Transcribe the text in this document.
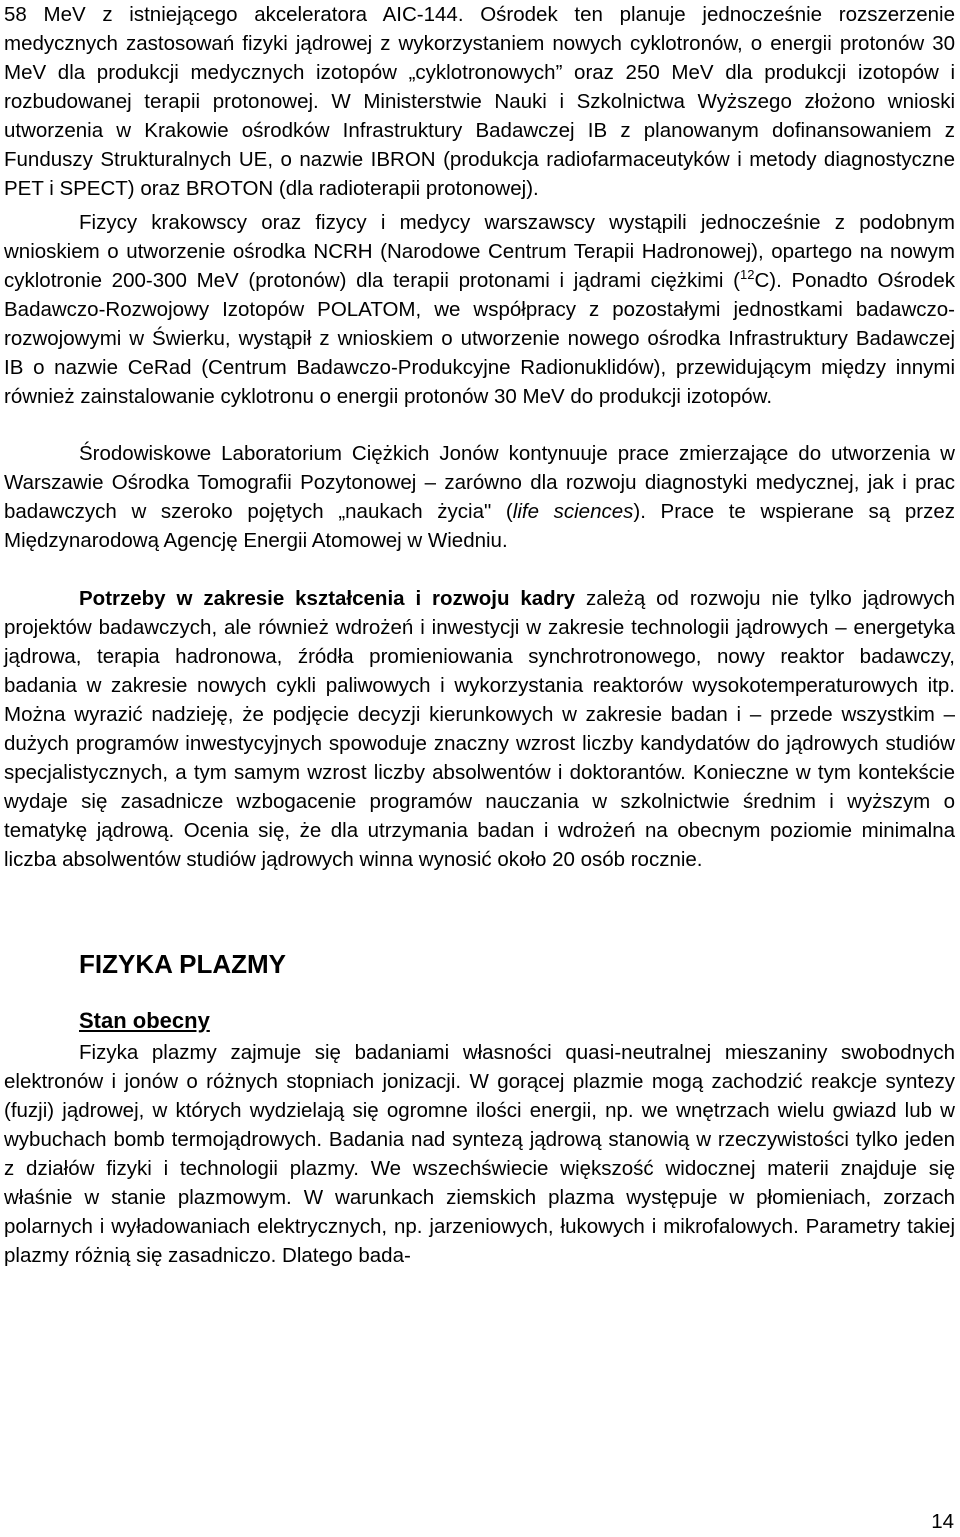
58 MeV z istniejącego akceleratora AIC-144. Ośrodek ten planuje jednocześnie rozszerzenie medycznych zastosowań fizyki jądrowej z wykorzystaniem nowych cyklotronów, o energii protonów 30 MeV dla produkcji medycznych izotopów „cyklotronowych” oraz 250 MeV dla produkcji izotopów i rozbudowanej terapii protonowej. W Ministerstwie Nauki i Szkolnictwa Wyższego złożono wnioski utworzenia w Krakowie ośrodków Infrastruktury Badawczej IB z planowanym dofinansowaniem z Funduszy Strukturalnych UE, o nazwie IBRON (produkcja radiofarmaceutyków i metody diagnostyczne PET i SPECT) oraz BROTON (dla radioterapii protonowej).

Fizycy krakowscy oraz fizycy i medycy warszawscy wystąpili jednocześnie z podobnym wnioskiem o utworzenie ośrodka NCRH (Narodowe Centrum Terapii Hadronowej), opartego na nowym cyklotronie 200-300 MeV (protonów) dla terapii protonami i jądrami ciężkimi ($^{12}$C). Ponadto Ośrodek Badawczo-Rozwojowy Izotopów POLATOM, we współpracy z pozostałymi jednostkami badawczo-rozwojowymi w Świerku, wystąpił z wnioskiem o utworzenie nowego ośrodka Infrastruktury Badawczej IB o nazwie CeRad (Centrum Badawczo-Produkcyjne Radionuklidów), przewidującym między innymi również zainstalowanie cyklotronu o energii protonów 30 MeV do produkcji izotopów.

Środowiskowe Laboratorium Ciężkich Jonów kontynuuje prace zmierzające do utworzenia w Warszawie Ośrodka Tomografii Pozytonowej – zarówno dla rozwoju diagnostyki medycznej, jak i prac badawczych w szeroko pojętych „naukach życia" (life sciences). Prace te wspierane są przez Międzynarodową Agencję Energii Atomowej w Wiedniu.

Potrzeby w zakresie kształcenia i rozwoju kadry zależą od rozwoju nie tylko jądrowych projektów badawczych, ale również wdrożeń i inwestycji w zakresie technologii jądrowych – energetyka jądrowa, terapia hadronowa, źródła promieniowania synchrotronowego, nowy reaktor badawczy, badania w zakresie nowych cykli paliwowych i wykorzystania reaktorów wysokotemperaturowych itp. Można wyrazić nadzieję, że podjęcie decyzji kierunkowych w zakresie badan i – przede wszystkim – dużych programów inwestycyjnych spowoduje znaczny wzrost liczby kandydatów do jądrowych studiów specjalistycznych, a tym samym wzrost liczby absolwentów i doktorantów. Konieczne w tym kontekście wydaje się zasadnicze wzbogacenie programów nauczania w szkolnictwie średnim i wyższym o tematykę jądrową. Ocenia się, że dla utrzymania badan i wdrożeń na obecnym poziomie minimalna liczba absolwentów studiów jądrowych winna wynosić około 20 osób rocznie.

FIZYKA PLAZMY
Stan obecny

Fizyka plazmy zajmuje się badaniami własności quasi-neutralnej mieszaniny swobodnych elektronów i jonów o różnych stopniach jonizacji. W gorącej plazmie mogą zachodzić reakcje syntezy (fuzji) jądrowej, w których wydzielają się ogromne ilości energii, np. we wnętrzach wielu gwiazd lub w wybuchach bomb termojądrowych. Badania nad syntezą jądrową stanowią w rzeczywistości tylko jeden z działów fizyki i technologii plazmy. We wszechświecie większość widocznej materii znajduje się właśnie w stanie plazmowym. W warunkach ziemskich plazma występuje w płomieniach, zorzach polarnych i wyładowaniach elektrycznych, np. jarzeniowych, łukowych i mikrofalowych. Parametry takiej plazmy różnią się zasadniczo. Dlatego bada-

14
